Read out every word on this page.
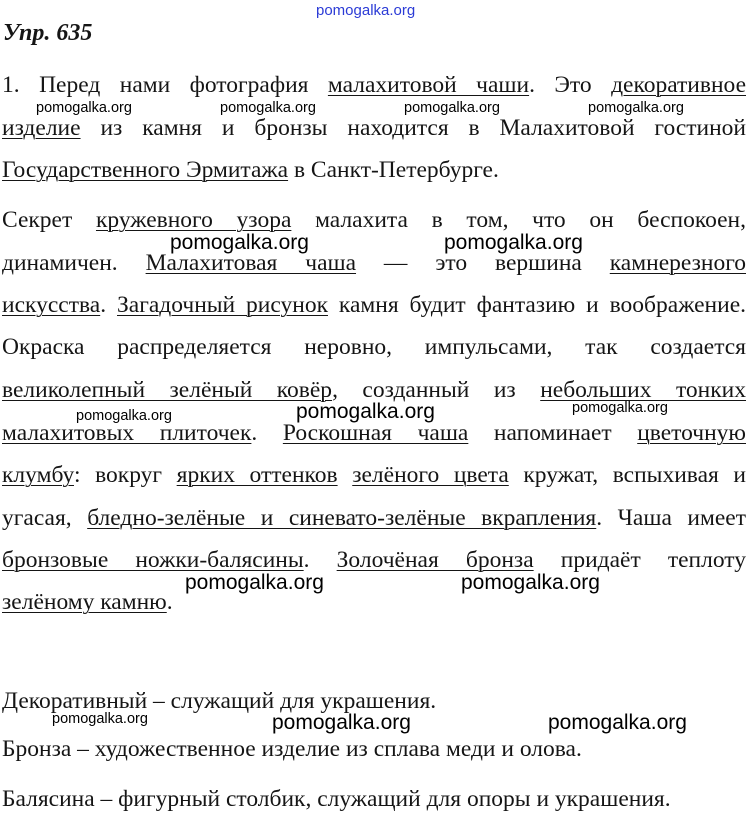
pomogalka.org
Упр. 635
1. Перед нами фотография малахитовой чаши. Это декоративное
изделие из камня и бронзы находится в Малахитовой гостиной
Государственного Эрмитажа в Санкт-Петербурге.
Секрет кружевного узора малахита в том, что он беспокоен,
динамичен. Малахитовая чаша — это вершина камнерезного
искусства. Загадочный рисунок камня будит фантазию и воображение.
Окраска распределяется неровно, импульсами, так создается
великолепный зелёный ковёр, созданный из небольших тонких
малахитовых плиточек. Роскошная чаша напоминает цветочную
клумбу: вокруг ярких оттенков зелёного цвета кружат, вспыхивая и
угасая, бледно-зелёные и синевато-зелёные вкрапления. Чаша имеет
бронзовые ножки-балясины. Золочёная бронза придаёт теплоту
зелёному камню.
Декоративный – служащий для украшения.
Бронза – художественное изделие из сплава меди и олова.
Балясина – фигурный столбик, служащий для опоры и украшения.
pomogalka.org	pomogalka.org	pomogalka.org	pomogalka.org
pomogalka.org	pomogalka.org
pomogalka.org	pomogalka.org	pomogalka.org
pomogalka.org	pomogalka.org
pomogalka.org	pomogalka.org	pomogalka.org
